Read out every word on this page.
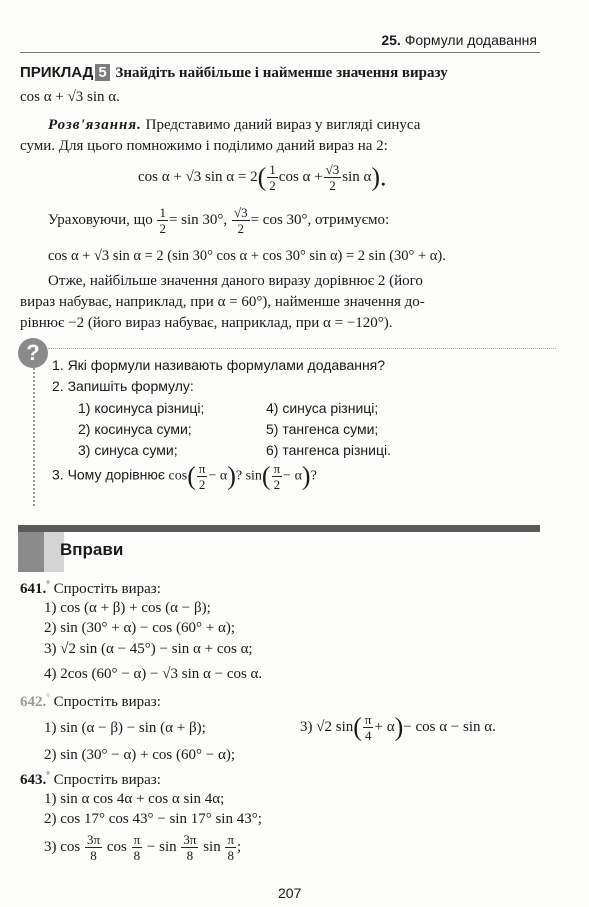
25. Формули додавання
ПРИКЛАД 5 Знайдіть найбільше і найменше значення виразу
cos α + √3 sin α.
Розв'язання. Представимо даний вираз у вигляді синуса
суми. Для цього помножимо і поділимо даний вираз на 2:
cos α + √3 $\sin \alpha = 2( \frac{1}{2}$ $\cos \alpha + \frac{√3}{2}$ sin α).
Ураховуючи, що $\frac{1}{2} = \sin 30^\circ$, $\frac{√3}{2} = \cos 30^\circ$, отримуємо:
cos α + √3 sin α = 2 (sin 30° cos α + cos 30° sin α) = 2 sin (30° + α).
Отже, найбільше значення даного виразу дорівнює 2 (його
вираз набуває, наприклад, при α = 60°), найменше значення до-
рівнює −2 (його вираз набуває, наприклад, при α = −120°).
? 1. Які формули називають формулами додавання?
2. Запишіть формулу:
1) косинуса різниці;	4) синуса різниці;
2) косинуса суми;	5) тангенса суми;
3) синуса суми;	6) тангенса різниці.
3. Чому дорівнює $\cos( \frac{\pi}{2} - \alpha)$? $\sin( \frac{\pi}{2} - \alpha)$?
Вправи
641.° Спростіть вираз:
1) cos (α + β) + cos (α − β);
2) sin (30° + α) − cos (60° + α);
3) √2 sin (α − 45°) − sin α + cos α;
4) 2cos (60° − α) − √3 sin α − cos α.
642.° Спростіть вираз:
1) sin (α − β) − sin (α + β);	3) √2 $\sin( \frac{\pi}{4} + \alpha)- \cos \alpha - \sin \alpha$.
2) sin (30° − α) + cos (60° − α);
643.° Спростіть вираз:
1) sin α cos 4α + cos α sin 4α;
2) cos 17° cos 43° − sin 17° sin 43°;
3) $\cos \frac{3\pi}{8}$ $\cos \frac{\pi}{8} - \sin \frac{3\pi}{8}$ $\sin \frac{\pi}{8}$ ;
207
